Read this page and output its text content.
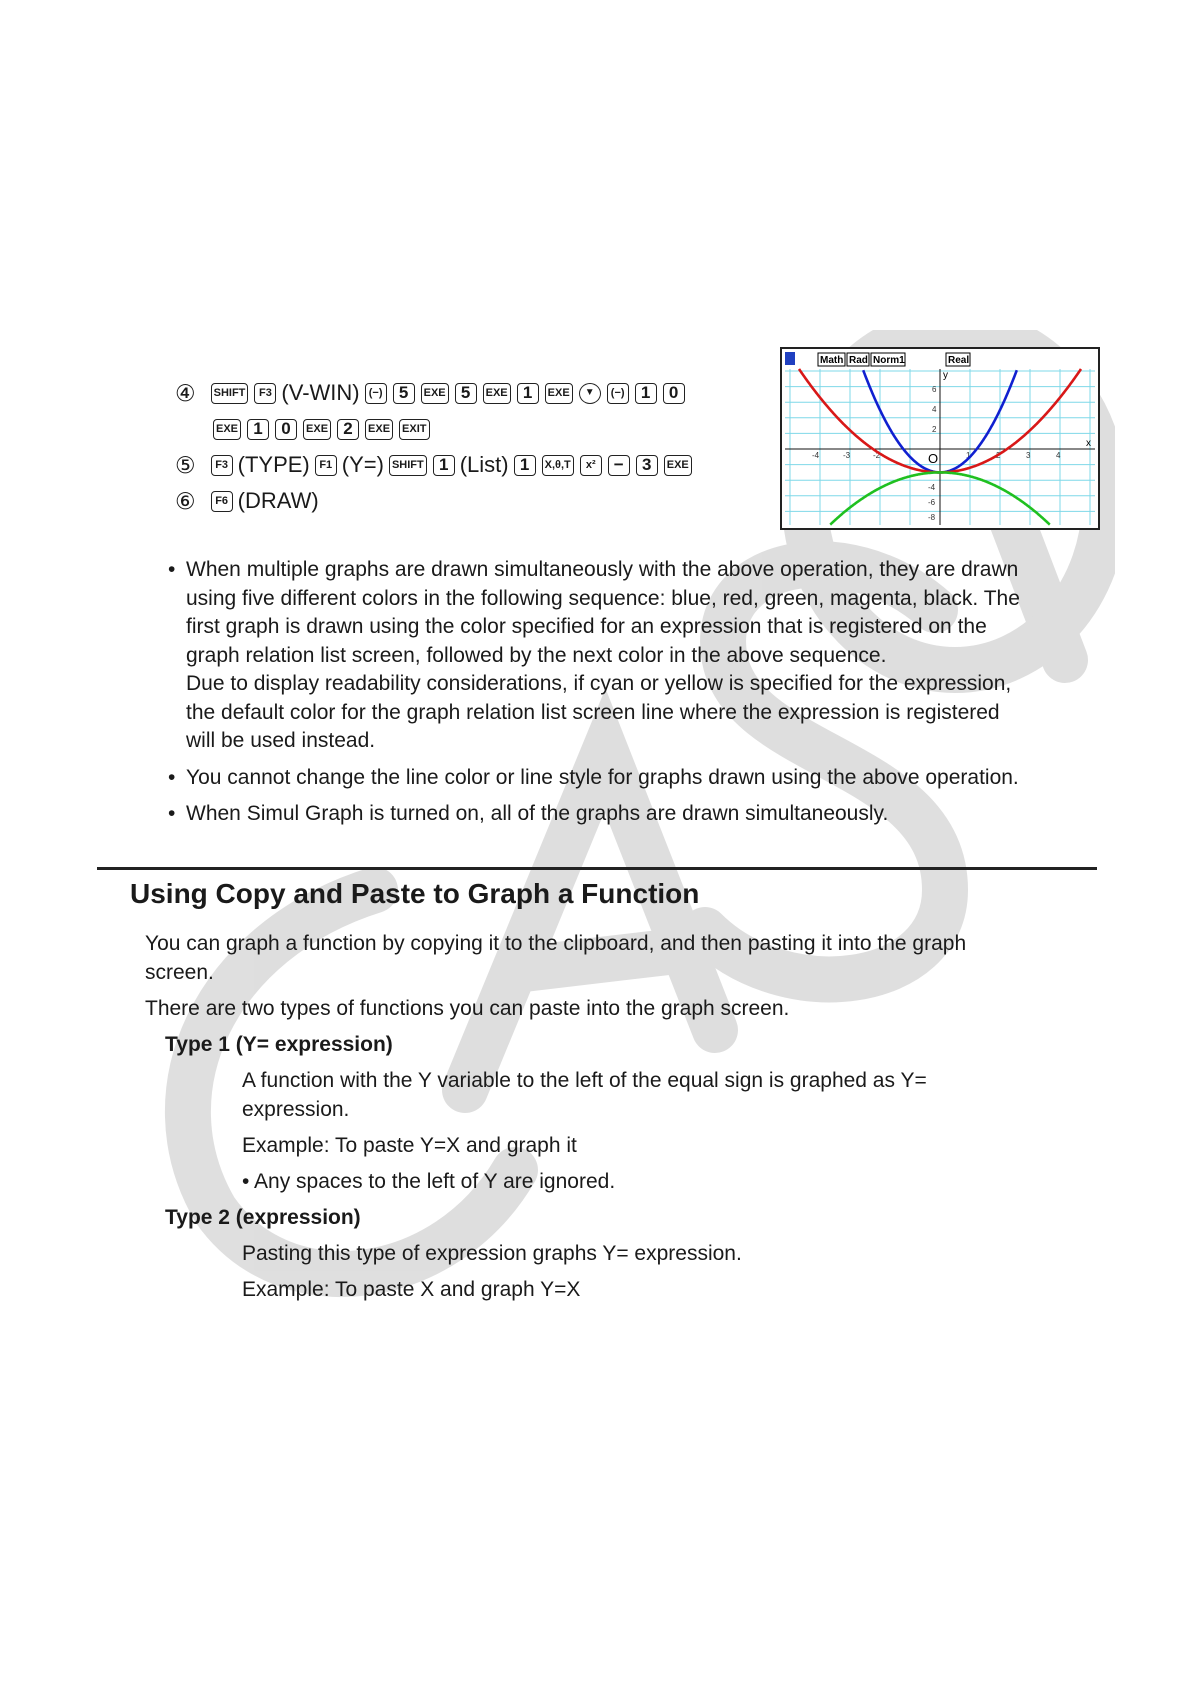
④ SHIFT	F3 (V-WIN) (−) 5	EXE 5	EXE 1	EXE	▼	(−) 1	0
EXE 1	0	EXE 2	EXE EXIT
⑤	F3 (TYPE) F1 (Y=) SHIFT 1 (List) 1	X,θ,T	x²	−	3	EXE
⑥	F6 (DRAW)
Math Rad Norm1	Real
x
y
O
-4	-3	-2	1	2	3	4
6
4
2
-4
-6
-8

• When multiple graphs are drawn simultaneously with the above operation, they are drawn

using five different colors in the following sequence: blue, red, green, magenta, black. The

first graph is drawn using the color specified for an expression that is registered on the

graph relation list screen, followed by the next color in the above sequence.

Due to display readability considerations, if cyan or yellow is specified for the expression,

the default color for the graph relation list screen line where the expression is registered

will be used instead.

• You cannot change the line color or line style for graphs drawn using the above operation.

• When Simul Graph is turned on, all of the graphs are drawn simultaneously.

Using Copy and Paste to Graph a Function

You can graph a function by copying it to the clipboard, and then pasting it into the graph
screen.

There are two types of functions you can paste into the graph screen.

Type 1 (Y= expression)

A function with the Y variable to the left of the equal sign is graphed as Y=
expression.

Example: To paste Y=X and graph it

• Any spaces to the left of Y are ignored.

Type 2 (expression)

Pasting this type of expression graphs Y= expression.

Example: To paste X and graph Y=X
